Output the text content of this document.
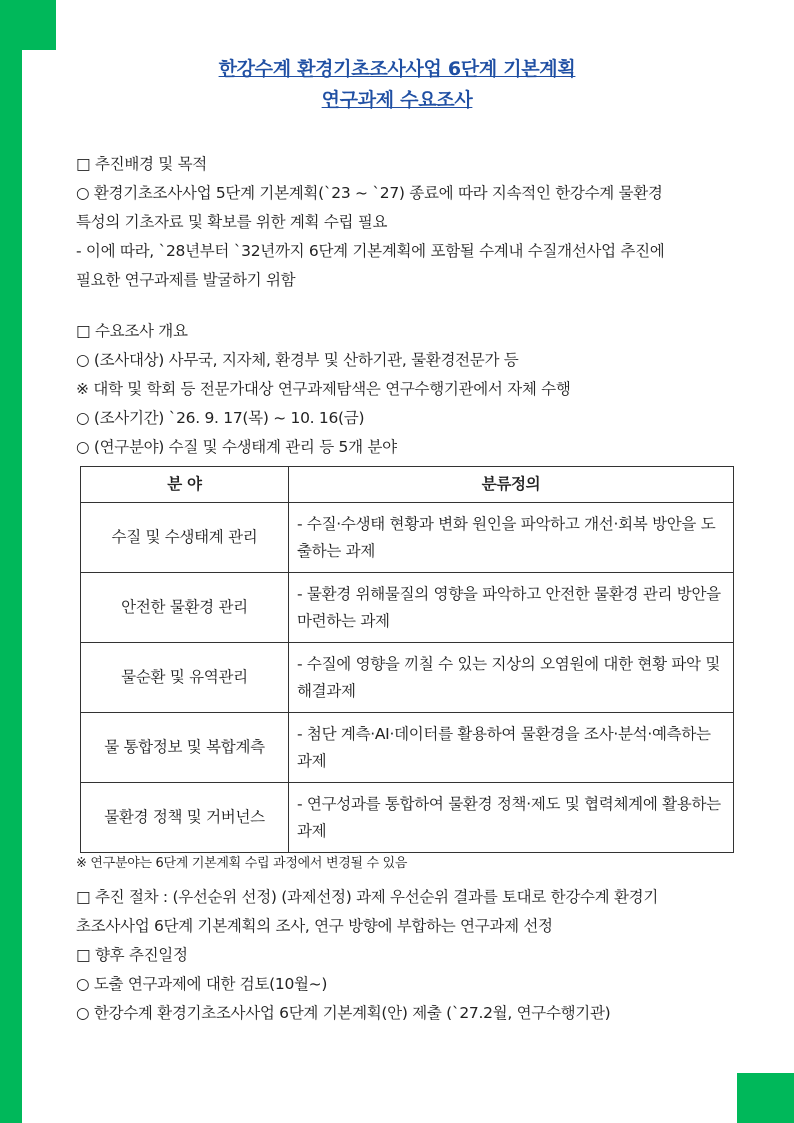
한강수계 환경기초조사사업 6단계 기본계획
연구과제 수요조사

□ 추진배경 및 목적

○ 환경기초조사사업 5단계 기본계획(`23 ~ `27) 종료에 따라 지속적인 한강수계 물환경

특성의 기초자료 및 확보를 위한 계획 수립 필요

- 이에 따라, `28년부터 `32년까지 6단계 기본계획에 포함될 수계내 수질개선사업 추진에

필요한 연구과제를 발굴하기 위함

□ 수요조사 개요

○ (조사대상) 사무국, 지자체, 환경부 및 산하기관, 물환경전문가 등

※ 대학 및 학회 등 전문가대상 연구과제탐색은 연구수행기관에서 자체 수행

○ (조사기간) `26. 9. 17(목) ~ 10. 16(금)

○ (연구분야) 수질 및 수생태계 관리 등 5개 분야

분 야	분류정의
수질 및 수생태계 관리	- 수질·수생태 현황과 변화 원인을 파악하고 개선·회복 방안을 도출하는 과제
안전한 물환경 관리	- 물환경 위해물질의 영향을 파악하고 안전한 물환경 관리 방안을 마련하는 과제
물순환 및 유역관리	- 수질에 영향을 끼칠 수 있는 지상의 오염원에 대한 현황 파악 및 해결과제
물 통합정보 및 복합계측	- 첨단 계측·AI·데이터를 활용하여 물환경을 조사·분석·예측하는 과제
물환경 정책 및 거버넌스	- 연구성과를 통합하여 물환경 정책·제도 및 협력체계에 활용하는 과제

※ 연구분야는 6단계 기본계획 수립 과정에서 변경될 수 있음

□ 추진 절차 : (우선순위 선정) (과제선정) 과제 우선순위 결과를 토대로 한강수계 환경기

초조사사업 6단계 기본계획의 조사, 연구 방향에 부합하는 연구과제 선정

□ 향후 추진일정

○ 도출 연구과제에 대한 검토(10월~)

○ 한강수계 환경기초조사사업 6단계 기본계획(안) 제출 (`27.2월, 연구수행기관)
